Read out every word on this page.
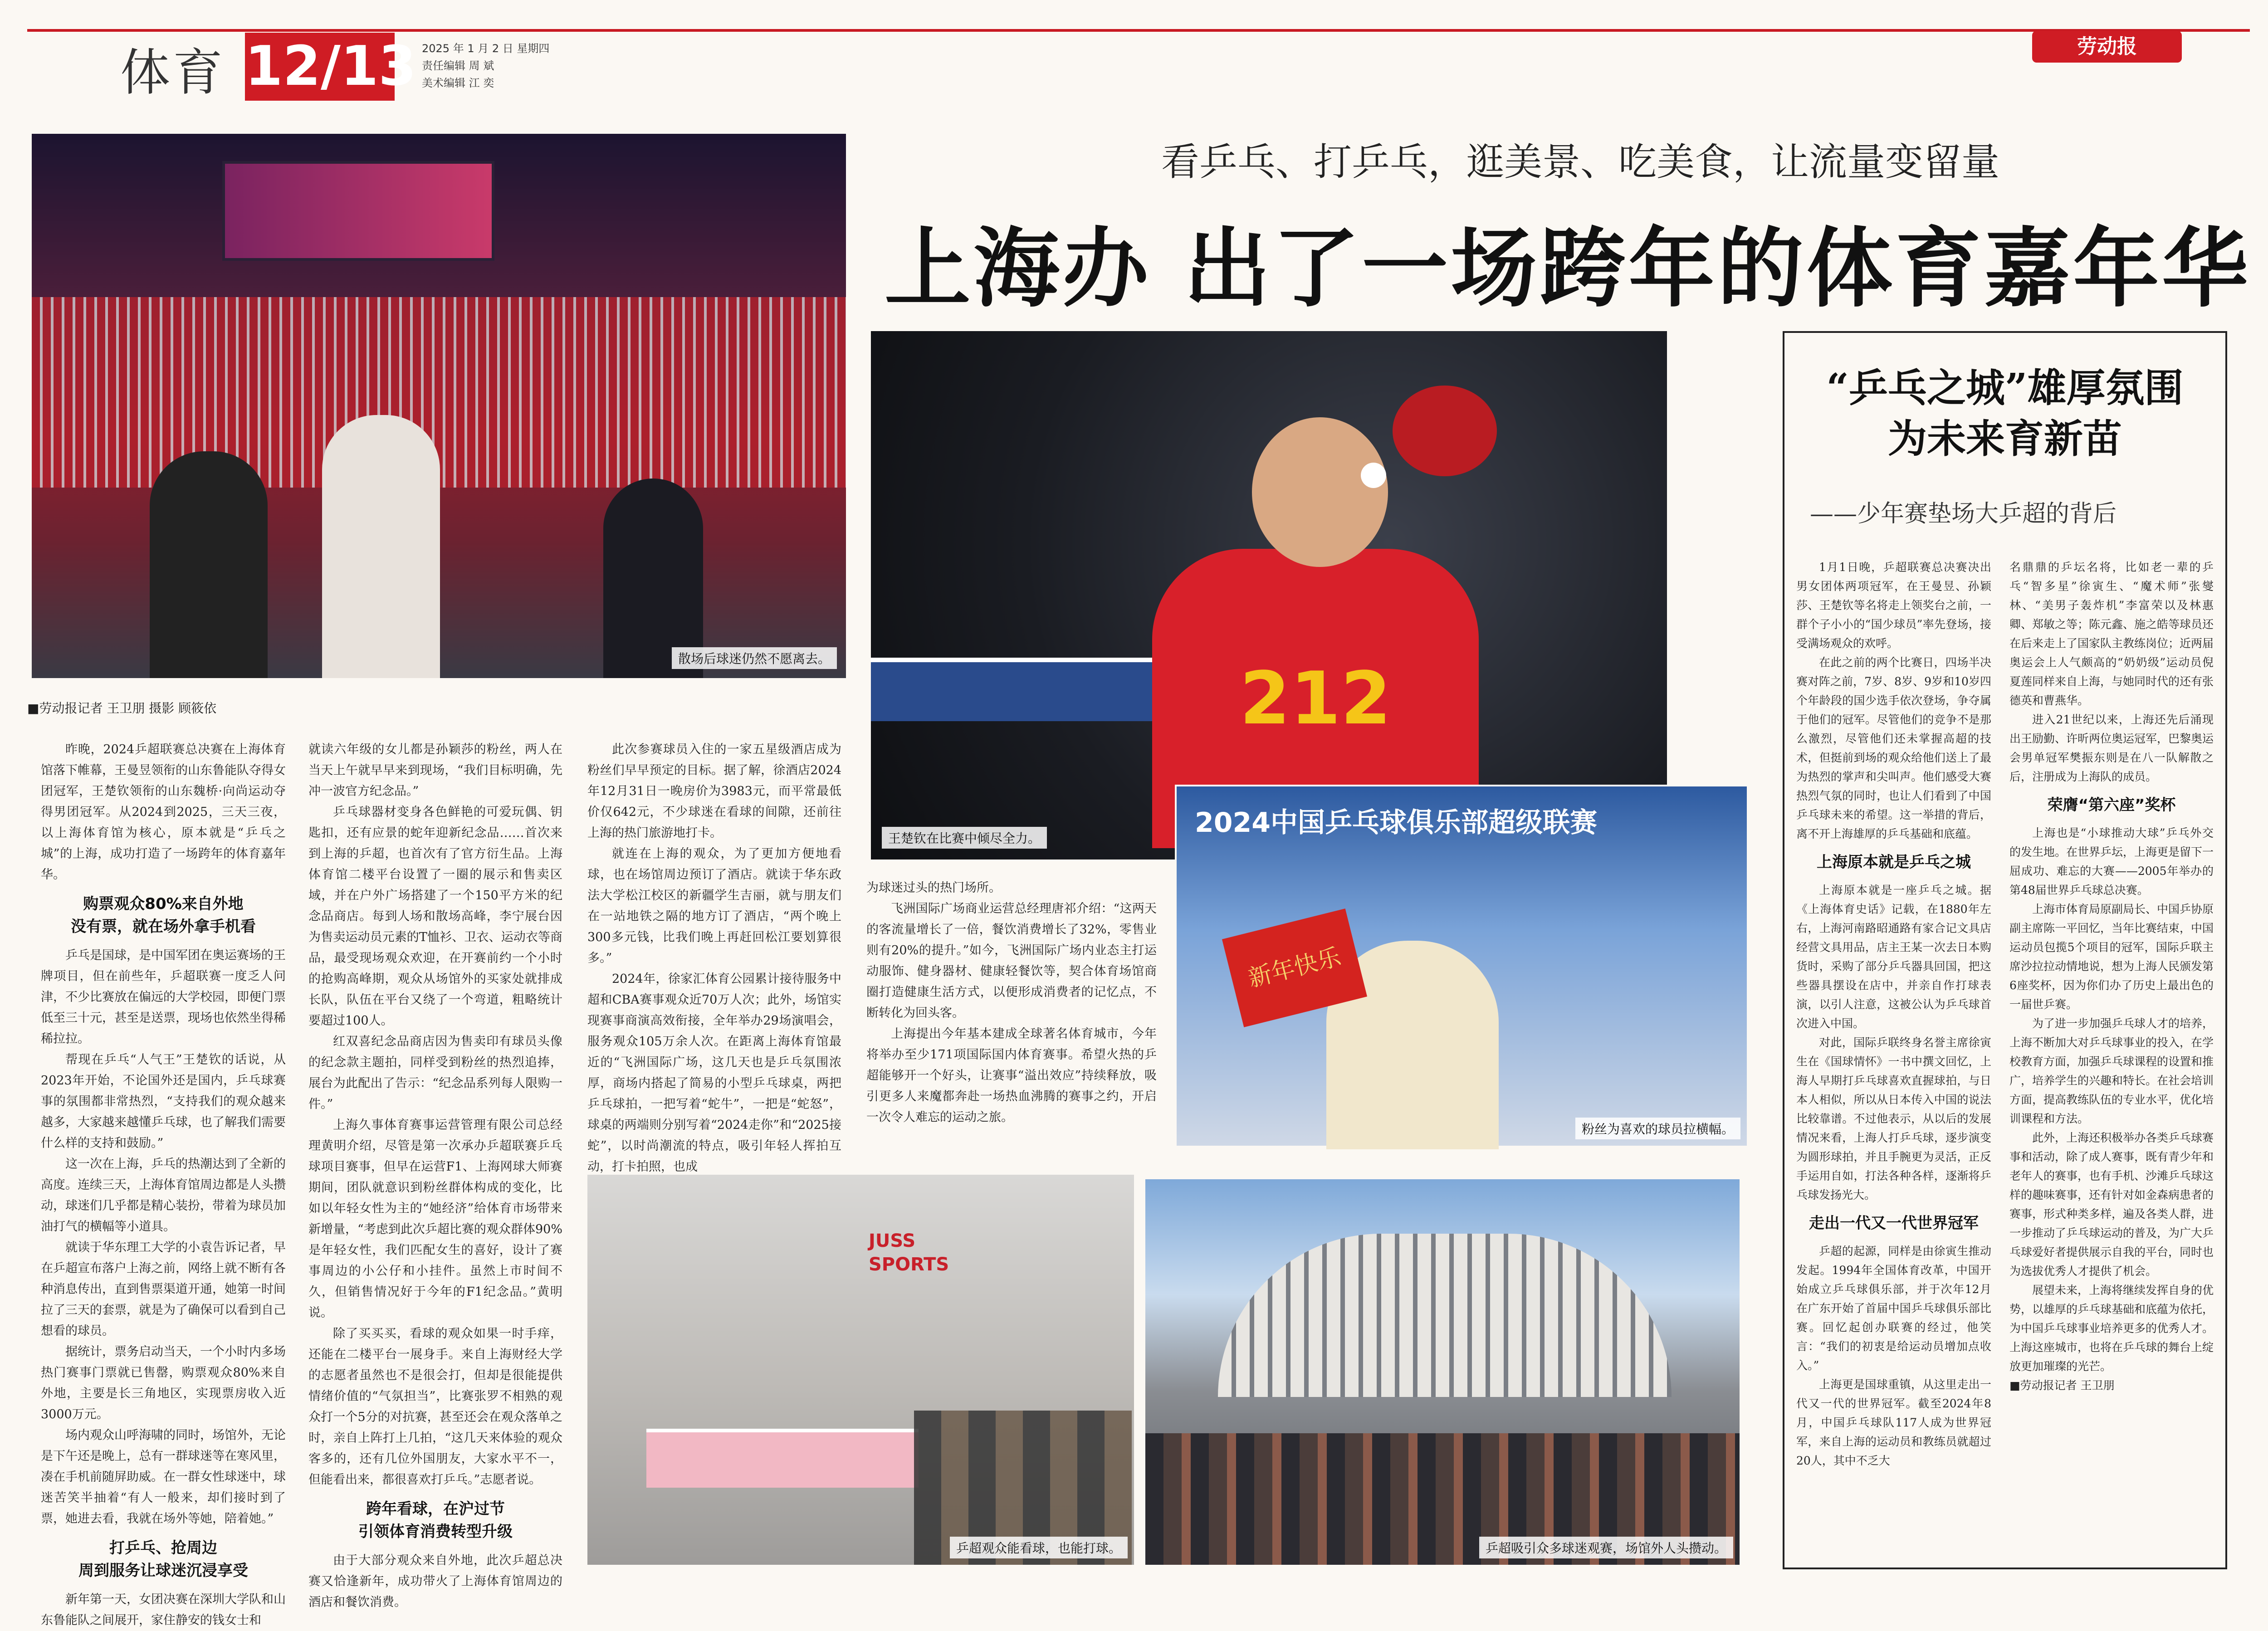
体育 12/13 2025 年 1 月 2 日 星期四
责任编辑 周 斌
美术编辑 江 奕
劳动报
散场后球迷仍然不愿离去。
■劳动报记者 王卫朋 摄影 顾筱依
看乒乓、打乒乓，逛美景、吃美食，让流量变留量
上海办 出了一场跨年的体育嘉年华
212
王楚钦在比赛中倾尽全力。	2024中国乒乓球俱乐部超级联赛
新年快乐
粉丝为喜欢的球员拉横幅。
JUSS SPORTS
乒超观众能看球，也能打球。	乒超吸引众多球迷观赛，场馆外人头攒动。

昨晚，2024乒超联赛总决赛在上海体育馆落下帷幕，王曼昱领衔的山东鲁能队夺得女团冠军，王楚钦领衔的山东魏桥·向尚运动夺得男团冠军。从2024到2025，三天三夜，以上海体育馆为核心，原本就是“乒乓之城”的上海，成功打造了一场跨年的体育嘉年华。

购票观众80%来自外地
没有票，就在场外拿手机看

乒乓是国球，是中国军团在奥运赛场的王牌项目，但在前些年，乒超联赛一度乏人问津，不少比赛放在偏远的大学校园，即便门票低至三十元，甚至是送票，现场也依然坐得稀稀拉拉。

帮现在乒乓“人气王”王楚钦的话说，从2023年开始，不论国外还是国内，乒乓球赛事的氛围都非常热烈，“支持我们的观众越来越多，大家越来越懂乒乓球，也了解我们需要什么样的支持和鼓励。”

这一次在上海，乒乓的热潮达到了全新的高度。连续三天，上海体育馆周边都是人头攒动，球迷们几乎都是精心装扮，带着为球员加油打气的横幅等小道具。

就读于华东理工大学的小袁告诉记者，早在乒超宣布落户上海之前，网络上就不断有各种消息传出，直到售票渠道开通，她第一时间拉了三天的套票，就是为了确保可以看到自己想看的球员。

据统计，票务启动当天，一个小时内多场热门赛事门票就已售罄，购票观众80%来自外地，主要是长三角地区，实现票房收入近3000万元。

场内观众山呼海啸的同时，场馆外，无论是下午还是晚上，总有一群球迷等在寒风里，凑在手机前随屏助威。在一群女性球迷中，球迷苦笑半抽着“有人一般来，却们接时到了票，她进去看，我就在场外等她，陪着她。”

打乒乓、抢周边
周到服务让球迷沉浸享受

新年第一天，女团决赛在深圳大学队和山东鲁能队之间展开，家住静安的钱女士和

就读六年级的女儿都是孙颖莎的粉丝，两人在当天上午就早早来到现场，“我们目标明确，先冲一波官方纪念品。”

乒乓球器材变身各色鲜艳的可爱玩偶、钥匙扣，还有应景的蛇年迎新纪念品……首次来到上海的乒超，也首次有了官方衍生品。上海体育馆二楼平台设置了一圈的展示和售卖区域，并在户外广场搭建了一个150平方米的纪念品商店。每到人场和散场高峰，李宁展台因为售卖运动员元素的T恤衫、卫衣、运动衣等商品，最受现场观众欢迎，在开赛前约一个小时的抢购高峰期，观众从场馆外的买家处就排成长队，队伍在平台又绕了一个弯道，粗略统计要超过100人。

红双喜纪念品商店因为售卖印有球员头像的纪念款主题拍，同样受到粉丝的热烈追捧，展台为此配出了告示：“纪念品系列每人限购一件。”

上海久事体育赛事运营管理有限公司总经理黄明介绍，尽管是第一次承办乒超联赛乒乓球项目赛事，但早在运营F1、上海网球大师赛期间，团队就意识到粉丝群体构成的变化，比如以年轻女性为主的“她经济”给体育市场带来新增量，“考虑到此次乒超比赛的观众群体90%是年轻女性，我们匹配女生的喜好，设计了赛事周边的小公仔和小挂件。虽然上市时间不久，但销售情况好于今年的F1纪念品。”黄明说。

除了买买买，看球的观众如果一时手痒，还能在二楼平台一展身手。来自上海财经大学的志愿者虽然也不是很会打，但却是很能提供情绪价值的“气氛担当”，比赛张罗不相熟的观众打一个5分的对抗赛，甚至还会在观众落单之时，亲自上阵打上几拍，“这几天来体验的观众客多的，还有几位外国朋友，大家水平不一，但能看出来，都很喜欢打乒乓。”志愿者说。

跨年看球，在沪过节
引领体育消费转型升级

由于大部分观众来自外地，此次乒超总决赛又恰逢新年，成功带火了上海体育馆周边的酒店和餐饮消费。

此次参赛球员入住的一家五星级酒店成为粉丝们早早预定的目标。据了解，徐酒店2024年12月31日一晚房价为3983元，而平常最低价仅642元，不少球迷在看球的间隙，还前往上海的热门旅游地打卡。

就连在上海的观众，为了更加方便地看球，也在场馆周边预订了酒店。就读于华东政法大学松江校区的新疆学生吉丽，就与朋友们在一站地铁之隔的地方订了酒店，“两个晚上300多元钱，比我们晚上再赶回松江要划算很多。”

2024年，徐家汇体育公园累计接待服务中超和CBA赛事观众近70万人次；此外，场馆实现赛事商演高效衔接，全年举办29场演唱会，服务观众105万余人次。在距离上海体育馆最近的“飞洲国际广场，这几天也是乒乓氛围浓厚，商场内搭起了简易的小型乒乓球桌，两把乒乓球拍，一把写着“蛇牛”，一把是“蛇怒”，球桌的两端则分别写着“2024走你”和“2025接蛇”，以时尚潮流的特点，吸引年轻人挥拍互动，打卡拍照，也成

为球迷过头的热门场所。

飞洲国际广场商业运营总经理唐祁介绍：“这两天的客流量增长了一倍，餐饮消费增长了32%，零售业则有20%的提升。”如今，飞洲国际广场内业态主打运动服饰、健身器材、健康轻餐饮等，契合体育场馆商圈打造健康生活方式，以便形成消费者的记忆点，不断转化为回头客。

上海提出今年基本建成全球著名体育城市，今年将举办至少171项国际国内体育赛事。希望火热的乒超能够开一个好头，让赛事“溢出效应”持续释放，吸引更多人来魔都奔赴一场热血沸腾的赛事之约，开启一次令人难忘的运动之旅。

“乒乓之城”雄厚氛围
为未来育新苗
——少年赛垫场大乒超的背后

1月1日晚，乒超联赛总决赛决出男女团体两项冠军，在王曼昱、孙颖莎、王楚钦等名将走上领奖台之前，一群个子小小的“国少球员”率先登场，接受满场观众的欢呼。

在此之前的两个比赛日，四场半决赛对阵之前，7岁、8岁、9岁和10岁四个年龄段的国少选手依次登场，争夺属于他们的冠军。尽管他们的竞争不是那么激烈，尽管他们还未掌握高超的技术，但挺前到场的观众给他们送上了最为热烈的掌声和尖叫声。他们感受大赛热烈气氛的同时，也让人们看到了中国乒乓球未来的希望。这一举措的背后，离不开上海雄厚的乒乓基础和底蕴。

上海原本就是乒乓之城

上海原本就是一座乒乓之城。据《上海体育史话》记载，在1880年左右，上海河南路昭通路有家合记文具店经营文具用品，店主王某一次去日本购货时，采购了部分乒乓器具回国，把这些器具摆设在店中，并亲自作打球表演，以引人注意，这被公认为乒乓球首次进入中国。

对此，国际乒联终身名誉主席徐寅生在《国球情怀》一书中撰文回忆，上海人早期打乒乓球喜欢直握球拍，与日本人相似，所以从日本传入中国的说法比较靠谱。不过他表示，从以后的发展情况来看，上海人打乒乓球，逐步演变为圆形球拍，并且手腕更为灵活，正反手运用自如，打法各种各样，逐渐将乒乓球发扬光大。

走出一代又一代世界冠军

乒超的起源，同样是由徐寅生推动发起。1994年全国体育改革，中国开始成立乒乓球俱乐部，并于次年12月在广东开始了首届中国乒乓球俱乐部比赛。回忆起创办联赛的经过，他笑言：“我们的初衷是给运动员增加点收入。”

上海更是国球重镇，从这里走出一代又一代的世界冠军。截至2024年8月，中国乒乓球队117人成为世界冠军，来自上海的运动员和教练员就超过20人，其中不乏大

名鼎鼎的乒坛名将，比如老一辈的乒乓“智多星”徐寅生、“魔术师”张燮林、“美男子轰炸机”李富荣以及林惠卿、郑敏之等；陈元鑫、施之皓等球员还在后来走上了国家队主教练岗位；近两届奥运会上人气颇高的“奶奶级”运动员倪夏莲同样来自上海，与她同时代的还有张德英和曹燕华。

进入21世纪以来，上海还先后涌现出王励勤、许昕两位奥运冠军，巴黎奥运会男单冠军樊振东则是在八一队解散之后，注册成为上海队的成员。

荣膺“第六座”奖杯

上海也是“小球推动大球”乒乓外交的发生地。在世界乒坛，上海更是留下一屈成功、难忘的大赛——2005年举办的第48届世界乒乓球总决赛。

上海市体育局原副局长、中国乒协原副主席陈一平回忆，当年比赛结束，中国运动员包揽5个项目的冠军，国际乒联主席沙拉拉动情地说，想为上海人民颁发第6座奖杯，因为你们办了历史上最出色的一届世乒赛。

为了进一步加强乒乓球人才的培养，上海不断加大对乒乓球事业的投入，在学校教育方面，加强乒乓球课程的设置和推广，培养学生的兴趣和特长。在社会培训方面，提高教练队伍的专业水平，优化培训课程和方法。

此外，上海还积极举办各类乒乓球赛事和活动，除了成人赛事，既有青少年和老年人的赛事，也有手机、沙滩乒乓球这样的趣味赛事，还有针对如金森病患者的赛事，形式种类多样，遍及各类人群，进一步推动了乒乓球运动的普及，为广大乒乓球爱好者提供展示自我的平台，同时也为选拔优秀人才提供了机会。

展望未来，上海将继续发挥自身的优势，以雄厚的乒乓球基础和底蕴为依托，为中国乒乓球事业培养更多的优秀人才。上海这座城市，也将在乒乓球的舞台上绽放更加璀璨的光芒。

■劳动报记者 王卫朋
